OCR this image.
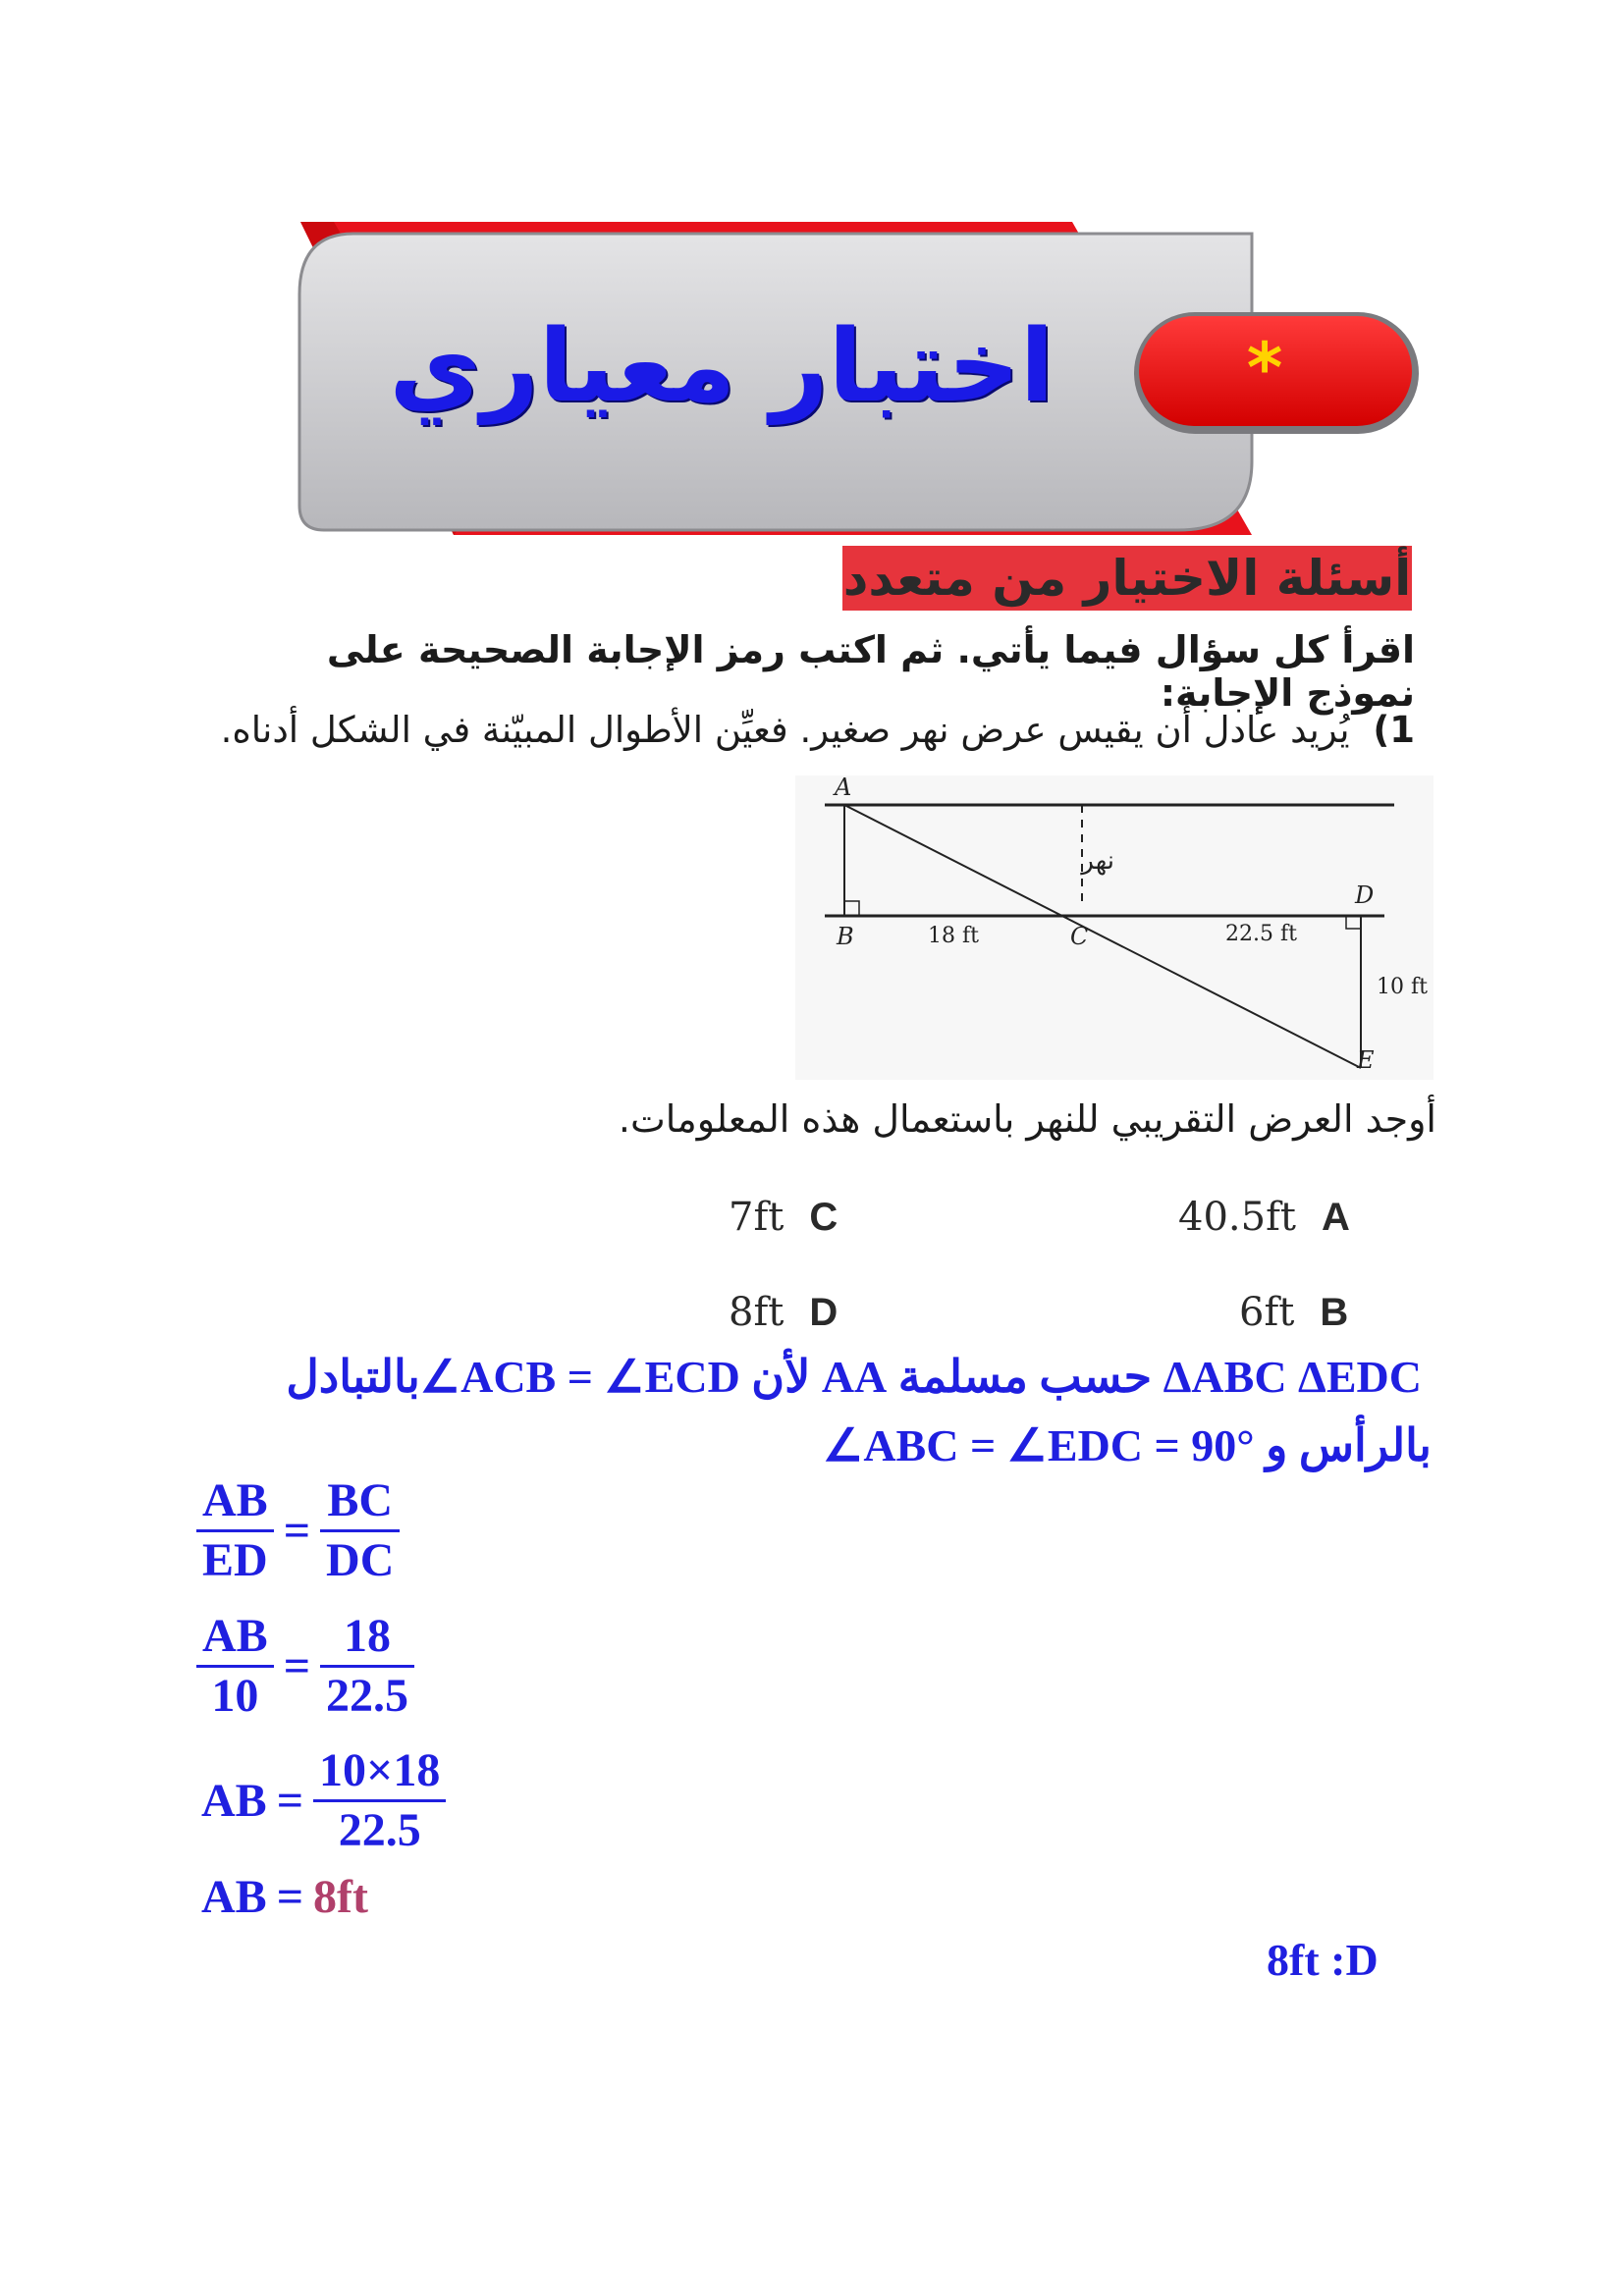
اختبار معياري	*
أسئلة الاختيار من متعدد
اقرأ كل سؤال فيما يأتي. ثم اكتب رمز الإجابة الصحيحة على نموذج الإجابة:
1) يُريد عادل أن يقيس عرض نهر صغير. فعيِّن الأطوال المبيّنة في الشكل أدناه.
A
B	C
D
E
نهر
18 ft	22.5 ft
10 ft
أوجد العرض التقريبي للنهر باستعمال هذه المعلومات.
40.5ft A
6ft B
7ft C
8ft D
ΔABC ΔEDC حسب مسلمة AA لأن ∠ACB = ∠ECDبالتبادل
بالرأس و ∠ABC = ∠EDC = 90°
$\frac{AB}{ED} = \frac{BC}{DC}$
$\frac{AB}{10} = \frac{18}{22.5}$
AB = $\frac{10\times 18}{22.5}$
AB = 8ft
8ft :D
